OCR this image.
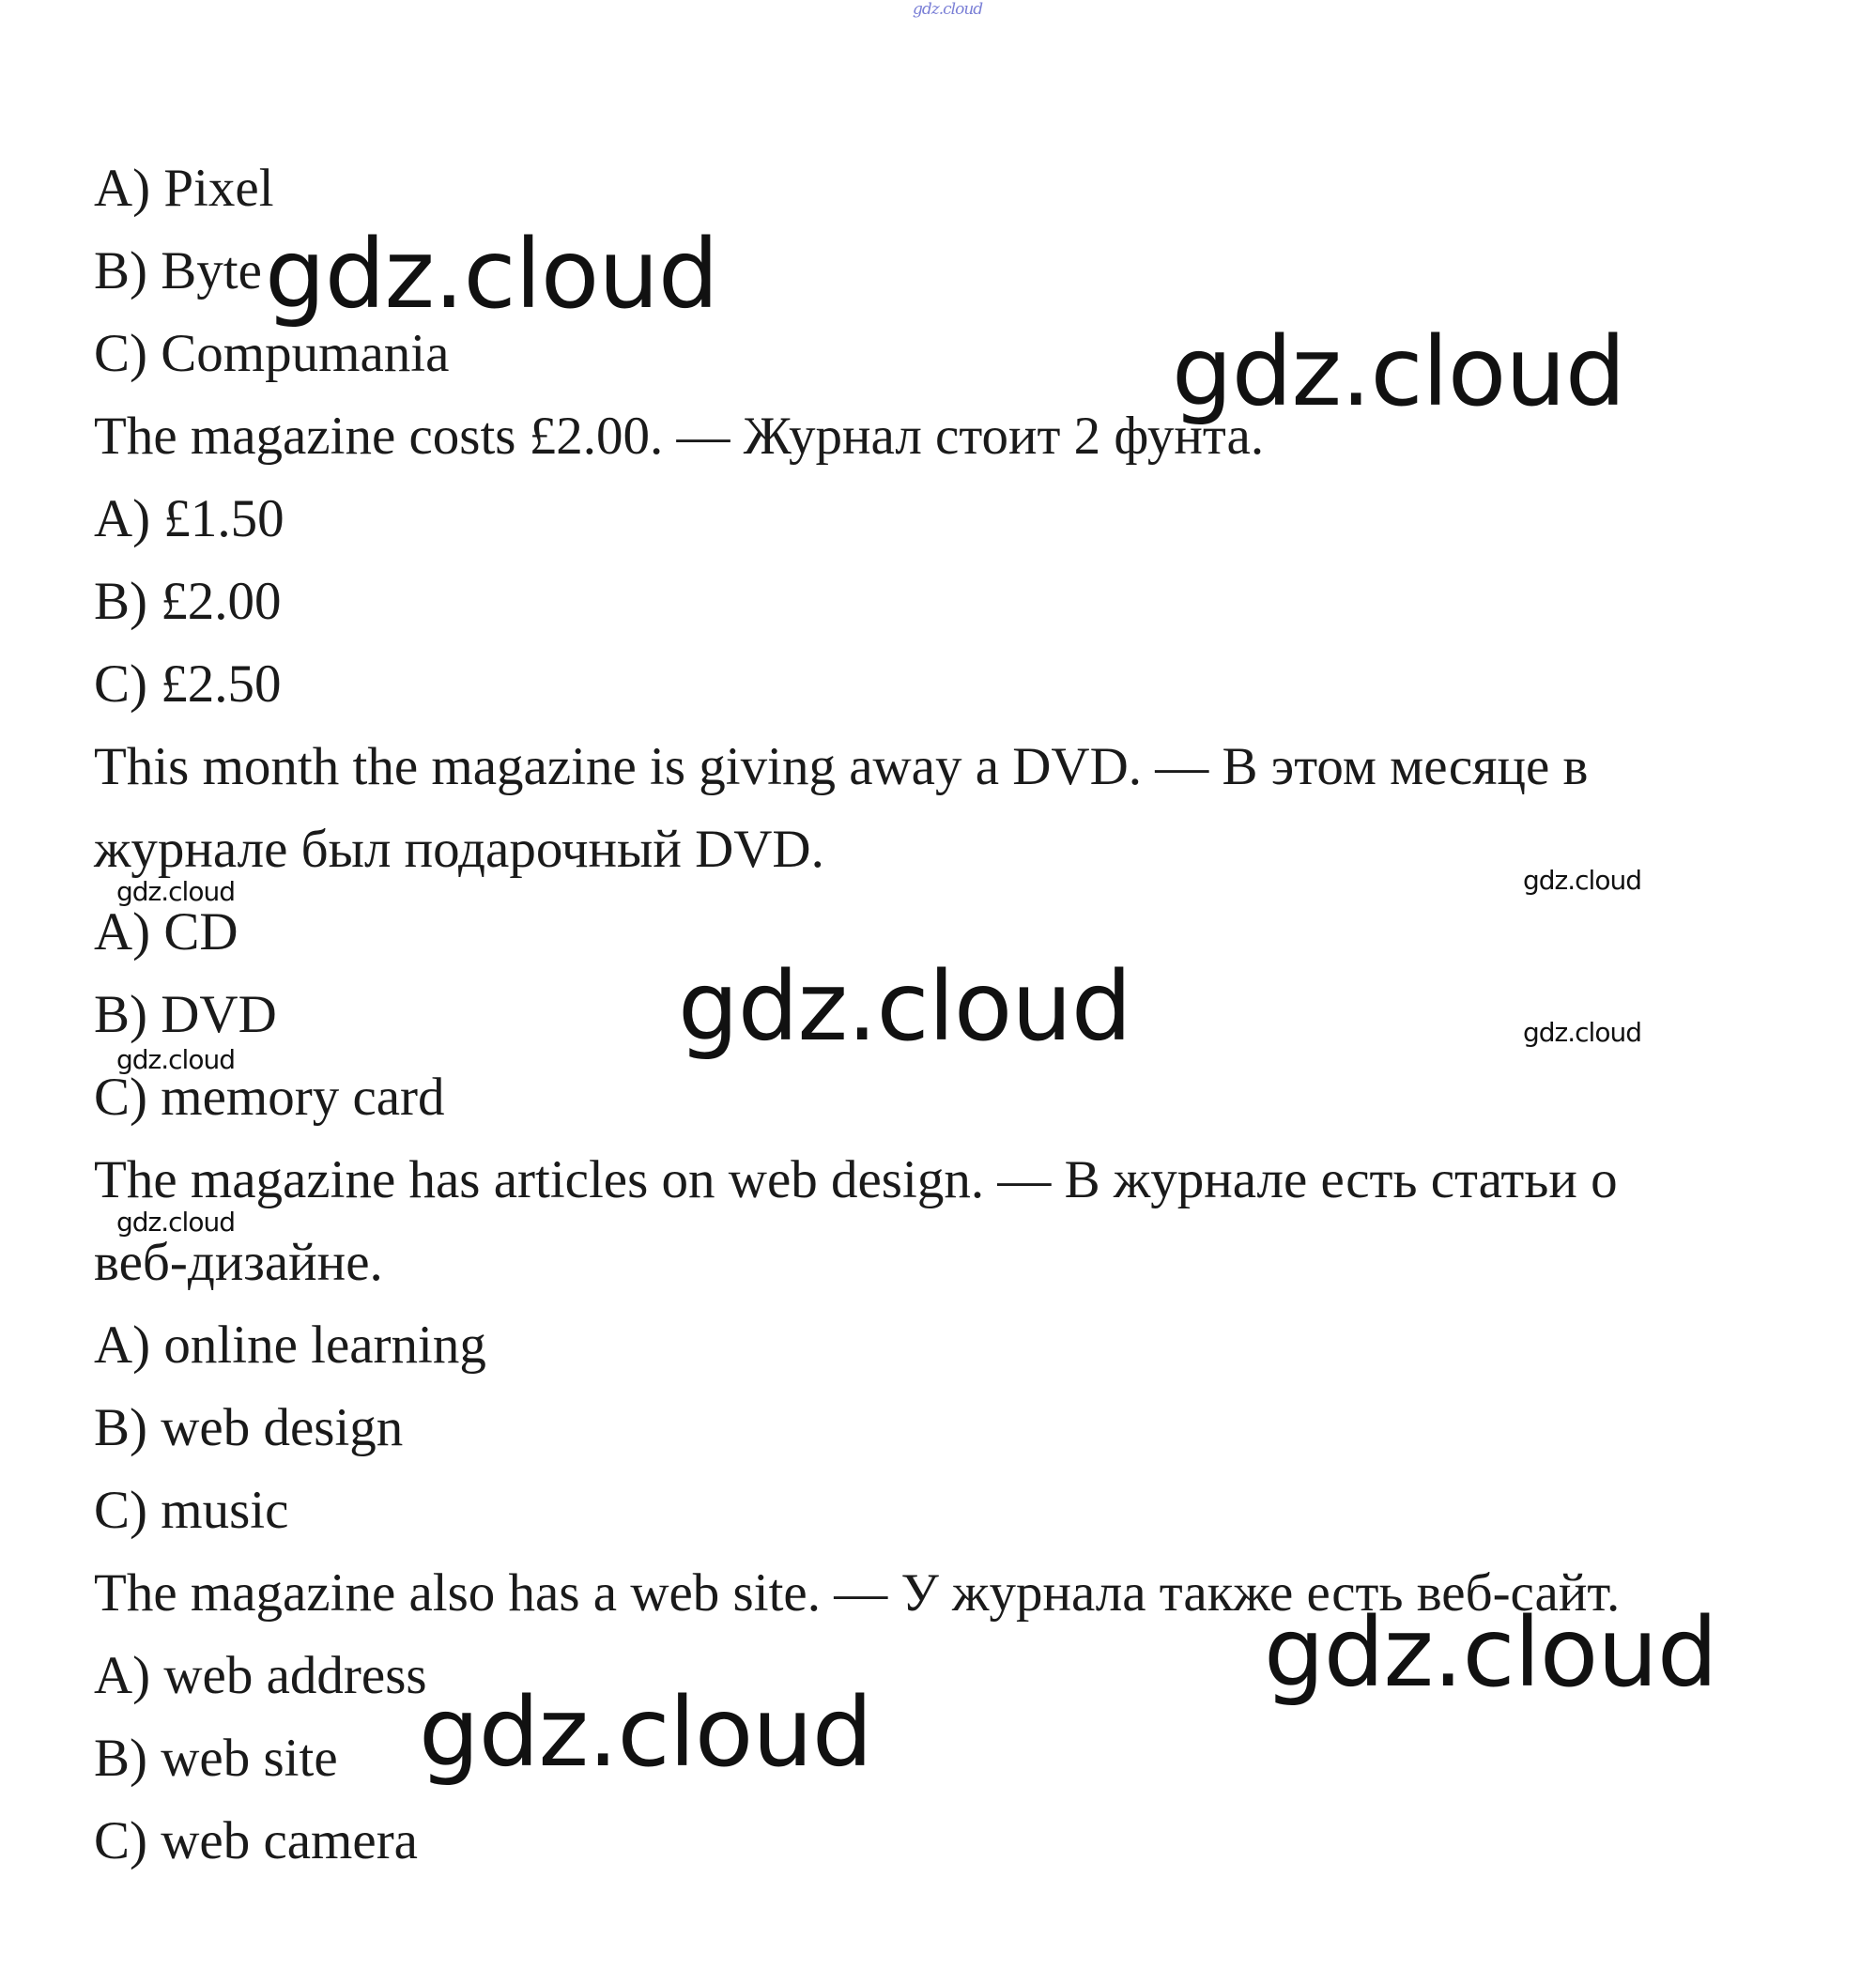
gdz.cloud
A) Pixel
B) Byte
C) Compumania
The magazine costs £2.00. — Журнал стоит 2 фунта.
A) £1.50
B) £2.00
C) £2.50
This month the magazine is giving away a DVD. — В этом месяце в
журнале был подарочный DVD.
A) CD
B) DVD
C) memory card
The magazine has articles on web design. — В журнале есть статьи о
веб-дизайне.
A) online learning
B) web design
C) music
The magazine also has a web site. — У журнала также есть веб-сайт.
A) web address
B) web site
C) web camera
gdz.cloud
gdz.cloud
gdz.cloud
gdz.cloud
gdz.cloud	gdz.cloud
gdz.cloud
gdz.cloud
gdz.cloud
gdz.cloud
